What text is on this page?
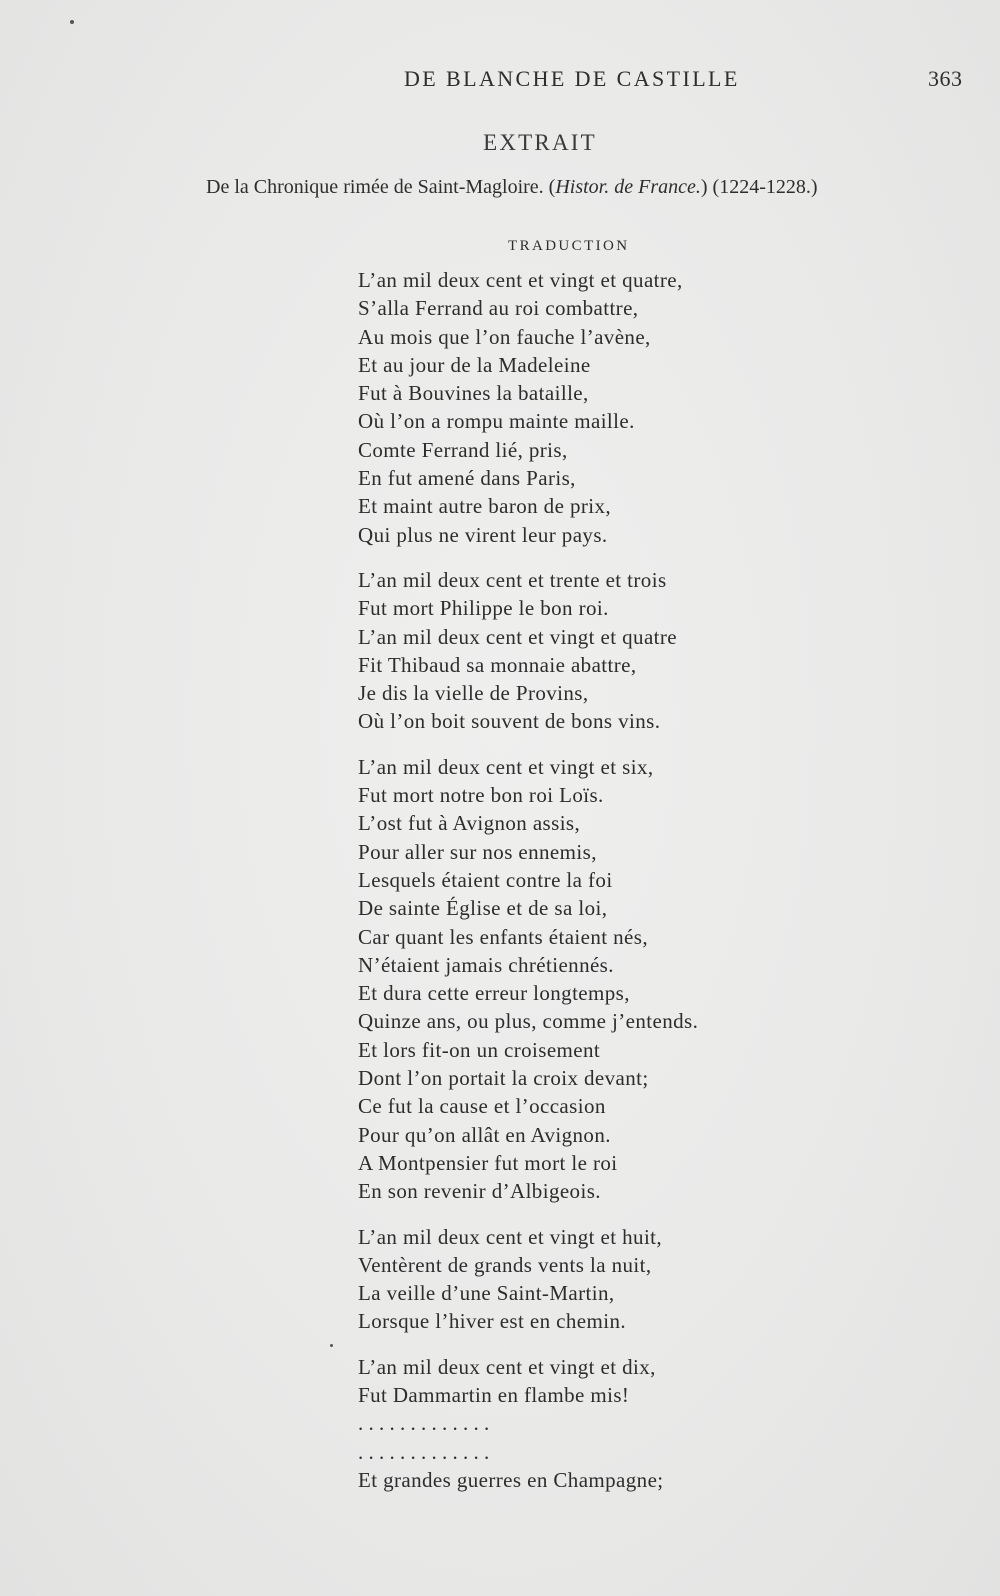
DE BLANCHE DE CASTILLE	363
EXTRAIT
De la Chronique rimée de Saint-Magloire. (Histor. de France.) (1224-1228.)
TRADUCTION
L’an mil deux cent et vingt et quatre,
S’alla Ferrand au roi combattre,
Au mois que l’on fauche l’avène,
Et au jour de la Madeleine
Fut à Bouvines la bataille,
Où l’on a rompu mainte maille.
Comte Ferrand lié, pris,
En fut amené dans Paris,
Et maint autre baron de prix,
Qui plus ne virent leur pays.
L’an mil deux cent et trente et trois
Fut mort Philippe le bon roi.
L’an mil deux cent et vingt et quatre
Fit Thibaud sa monnaie abattre,
Je dis la vielle de Provins,
Où l’on boit souvent de bons vins.
L’an mil deux cent et vingt et six,
Fut mort notre bon roi Loïs.
L’ost fut à Avignon assis,
Pour aller sur nos ennemis,
Lesquels étaient contre la foi
De sainte Église et de sa loi,
Car quant les enfants étaient nés,
N’étaient jamais chrétiennés.
Et dura cette erreur longtemps,
Quinze ans, ou plus, comme j’entends.
Et lors fit-on un croisement
Dont l’on portait la croix devant;
Ce fut la cause et l’occasion
Pour qu’on allât en Avignon.
A Montpensier fut mort le roi
En son revenir d’Albigeois.
L’an mil deux cent et vingt et huit,
Ventèrent de grands vents la nuit,
La veille d’une Saint-Martin,
Lorsque l’hiver est en chemin.
L’an mil deux cent et vingt et dix,
Fut Dammartin en flambe mis!
. . . . . . . . . . . . .
. . . . . . . . . . . . .
Et grandes guerres en Champagne;
